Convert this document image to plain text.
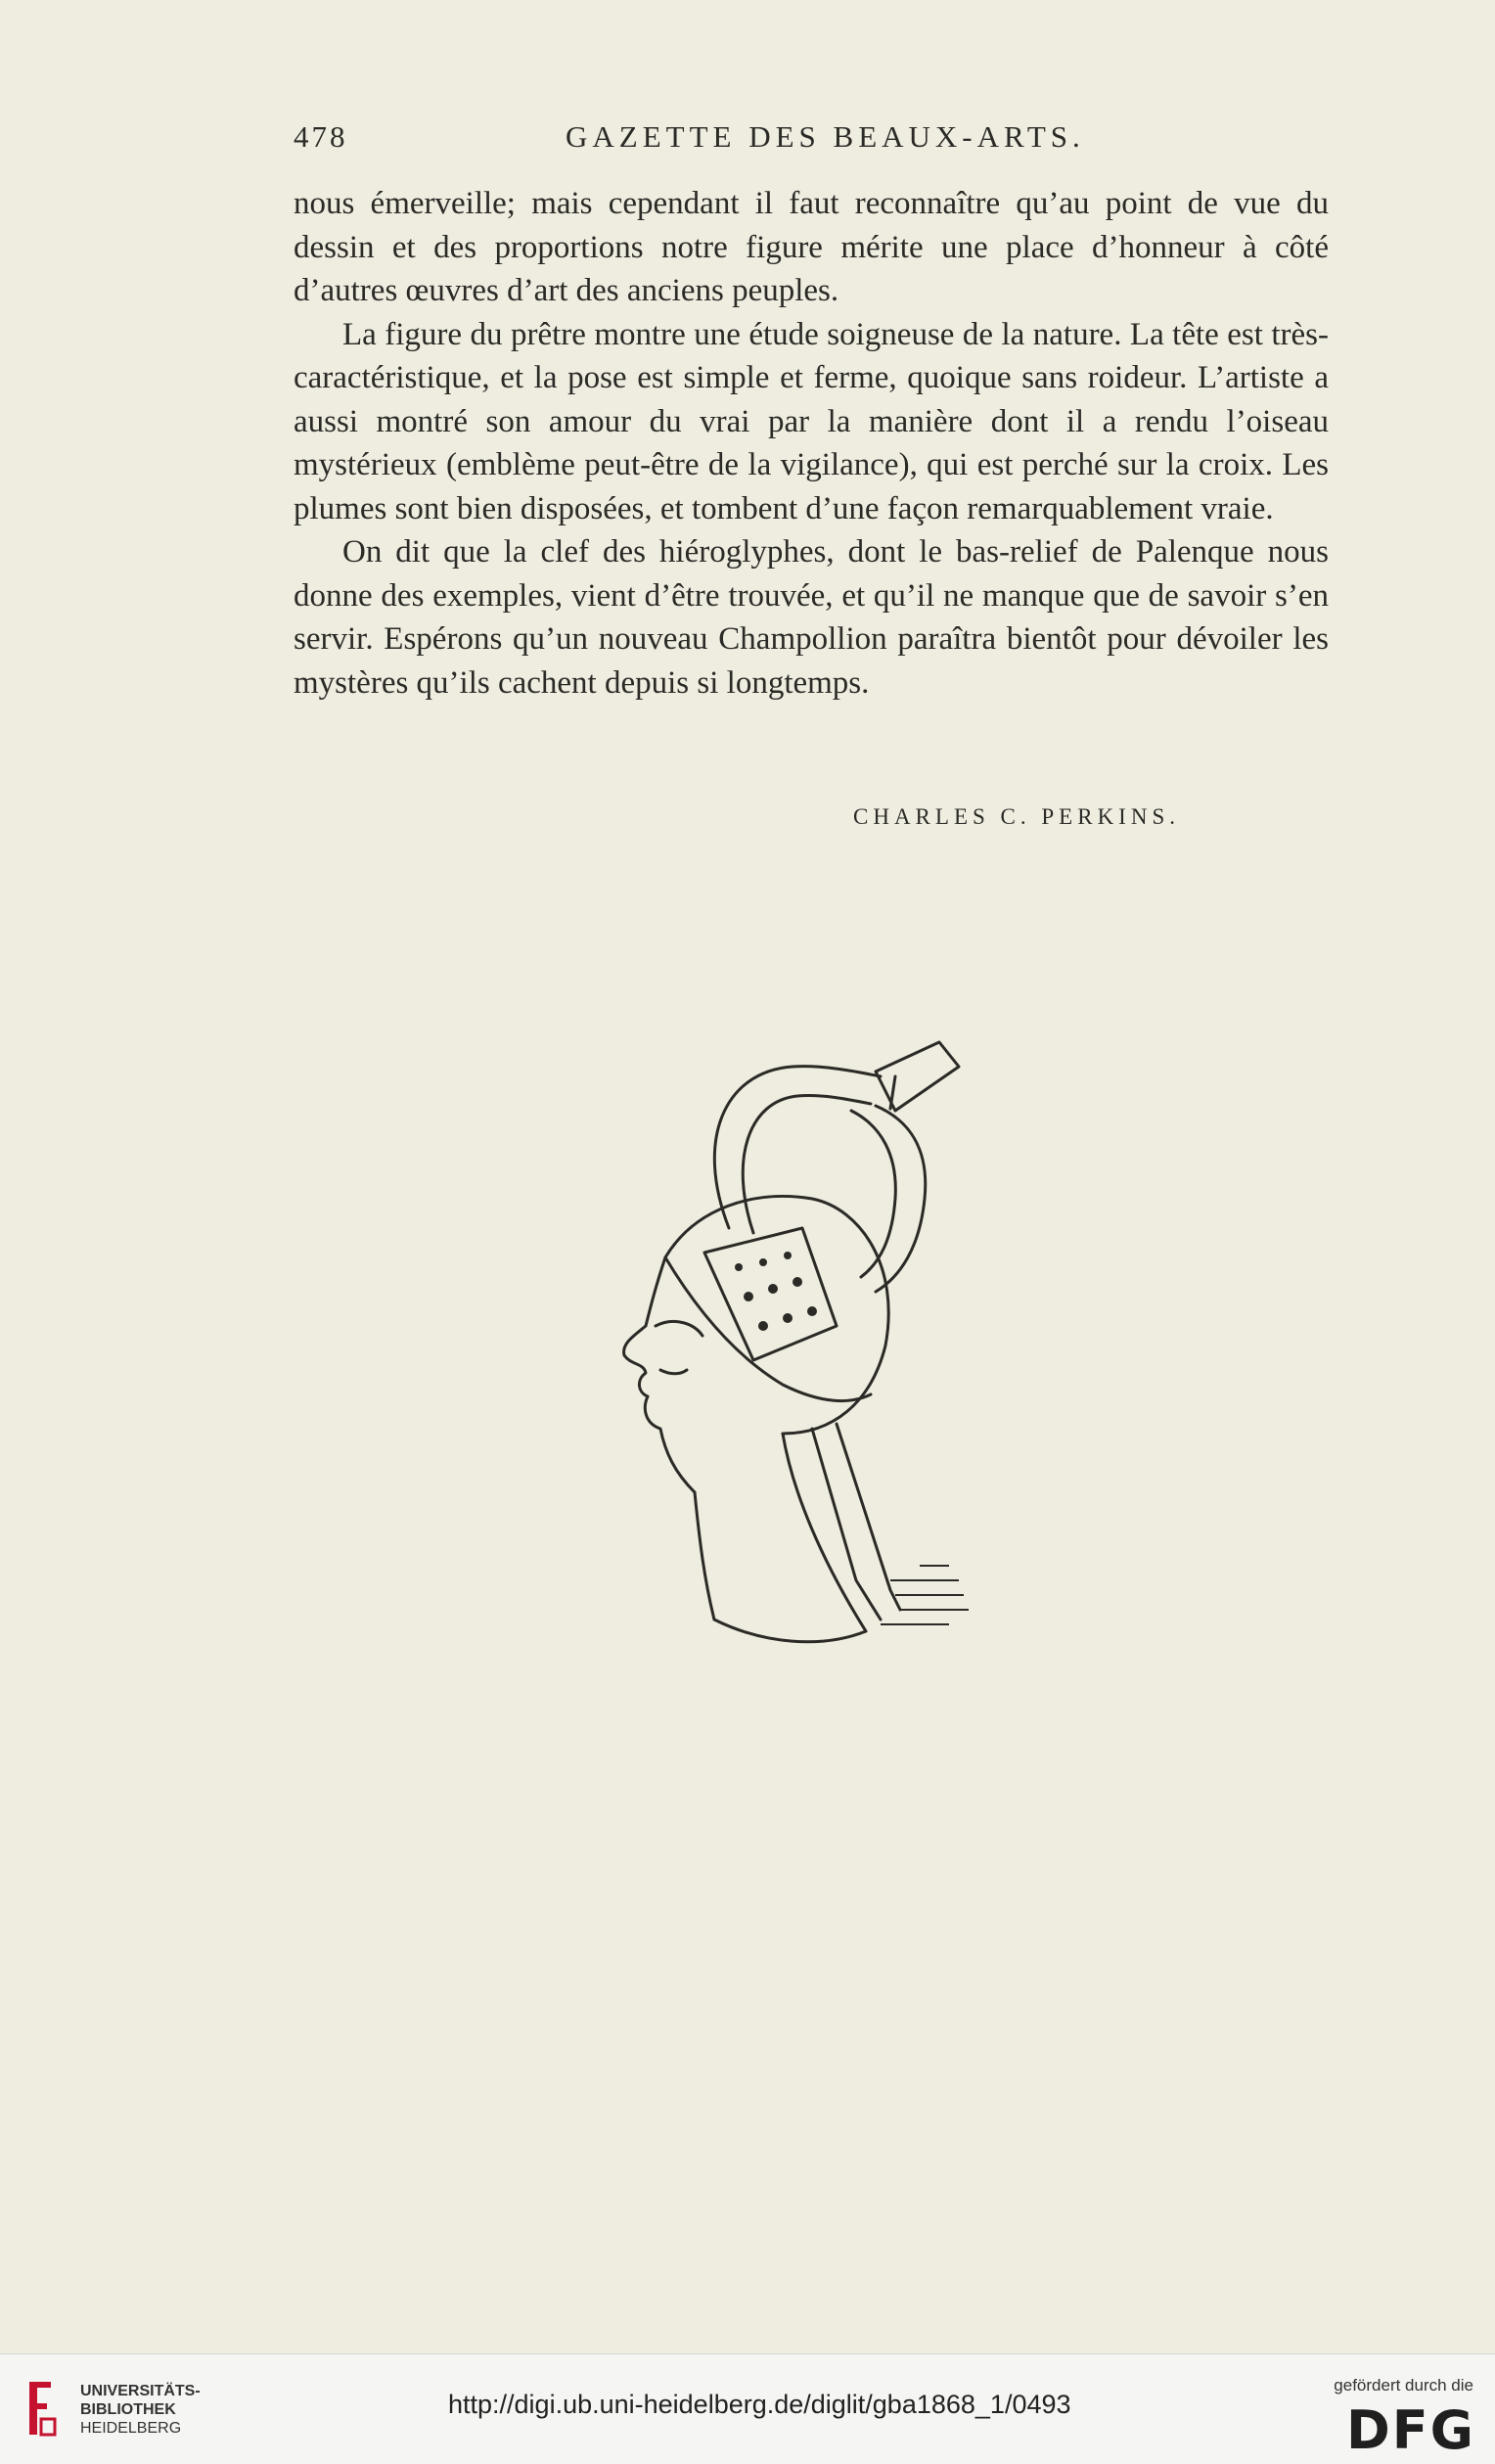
478	GAZETTE DES BEAUX-ARTS.

nous émerveille; mais cependant il faut reconnaître qu’au point de vue du dessin et des proportions notre figure mérite une place d’honneur à côté d’autres œuvres d’art des anciens peuples.

La figure du prêtre montre une étude soigneuse de la nature. La tête est très-caractéristique, et la pose est simple et ferme, quoique sans roideur. L’artiste a aussi montré son amour du vrai par la manière dont il a rendu l’oiseau mystérieux (emblème peut-être de la vigilance), qui est perché sur la croix. Les plumes sont bien disposées, et tombent d’une façon remarquablement vraie.

On dit que la clef des hiéroglyphes, dont le bas-relief de Palenque nous donne des exemples, vient d’être trouvée, et qu’il ne manque que de savoir s’en servir. Espérons qu’un nouveau Champollion paraîtra bientôt pour dévoiler les mystères qu’ils cachent depuis si longtemps.

CHARLES C. PERKINS.
UNIVERSITÄTS-
BIBLIOTHEK
HEIDELBERG
http://digi.ub.uni-heidelberg.de/diglit/gba1868_1/0493
gefördert durch die
DFG
